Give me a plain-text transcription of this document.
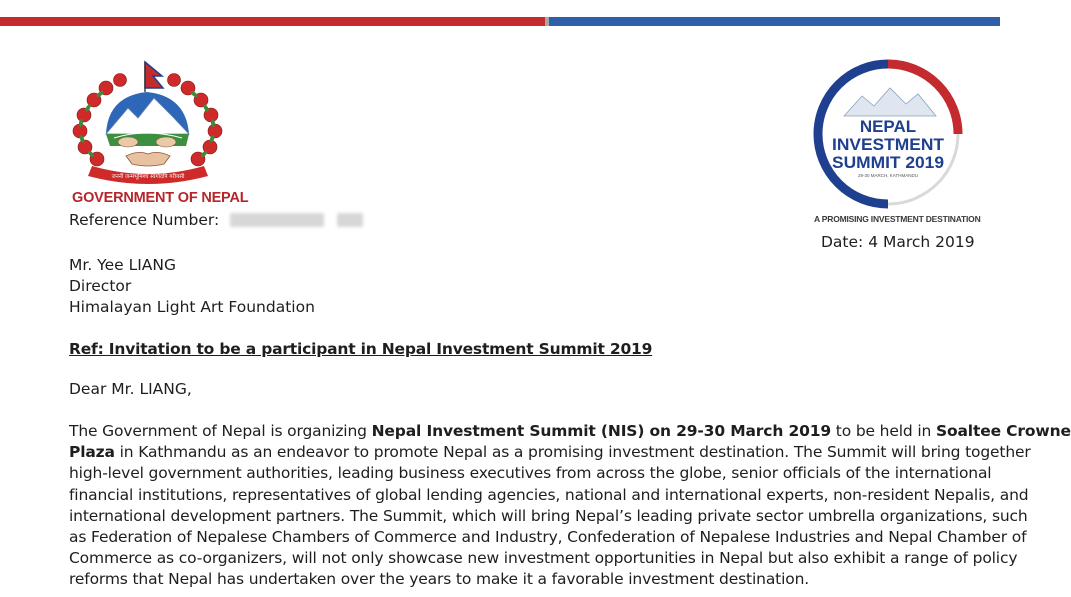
जननी जन्मभूमिश्च स्वर्गादपि गरीयसी
GOVERNMENT OF NEPAL
Reference Number:
NEPAL
INVESTMENT
SUMMIT 2019
29-30 MARCH, KATHMANDU
A PROMISING INVESTMENT DESTINATION
Date: 4 March 2019
Mr. Yee LIANG
Director
Himalayan Light Art Foundation
Ref: Invitation to be a participant in Nepal Investment Summit 2019
Dear Mr. LIANG,
The Government of Nepal is organizing Nepal Investment Summit (NIS) on 29-30 March 2019 to be held in Soaltee Crowne
Plaza in Kathmandu as an endeavor to promote Nepal as a promising investment destination. The Summit will bring together
high-level government authorities, leading business executives from across the globe, senior officials of the international
financial institutions, representatives of global lending agencies, national and international experts, non-resident Nepalis, and
international development partners. The Summit, which will bring Nepal’s leading private sector umbrella organizations, such
as Federation of Nepalese Chambers of Commerce and Industry, Confederation of Nepalese Industries and Nepal Chamber of
Commerce as co-organizers, will not only showcase new investment opportunities in Nepal but also exhibit a range of policy
reforms that Nepal has undertaken over the years to make it a favorable investment destination.
